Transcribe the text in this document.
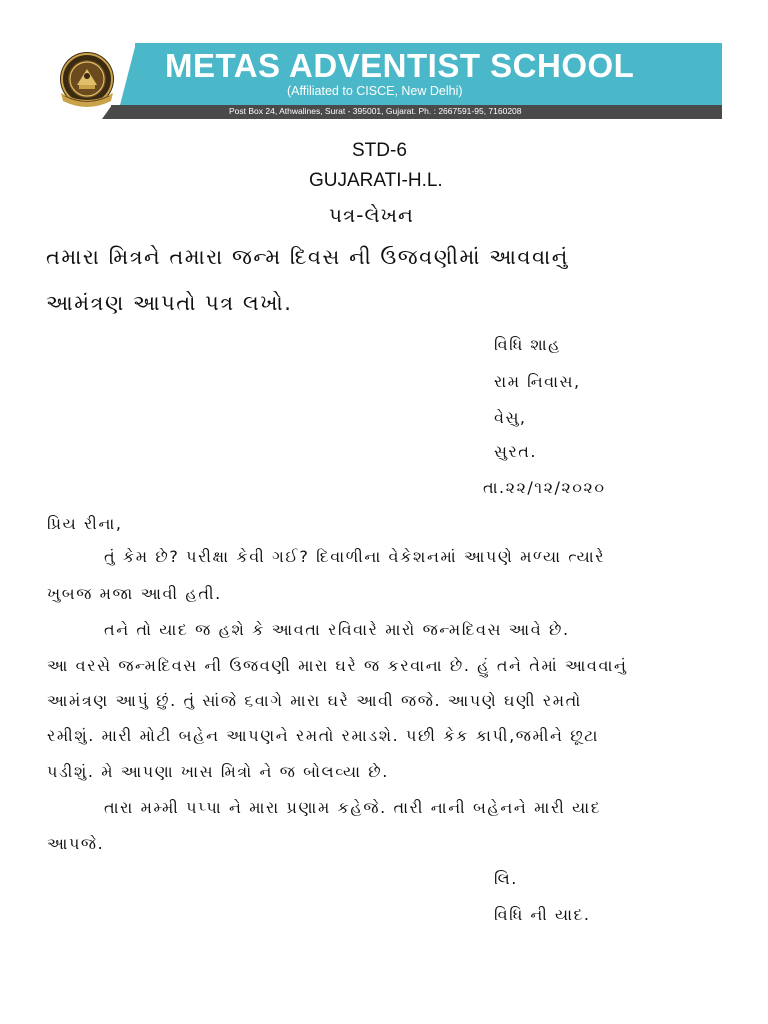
METAS ADVENTIST SCHOOL
(Affiliated to CISCE, New Delhi)
Post Box 24, Athwalines, Surat - 395001, Gujarat. Ph. : 2667591-95, 7160208
STD-6
GUJARATI-H.L.
પત્ર-લેખન
તમારા મિત્રને તમારા જન્મ દિવસ ની ઉજવણીમાં આવવાનું
આમંત્રણ આપતો પત્ર લખો.
વિધિ શાહ
રામ નિવાસ,
વેસુ,
સુરત.
તા.૨૨/૧૨/૨૦૨૦
પ્રિય રીના,
તું કેમ છે? પરીક્ષા કેવી ગઈ? દિવાળીના વેકેશનમાં આપણે મળ્યા ત્યારે
ખુબજ મજા આવી હતી.
તને તો યાદ જ હશે કે આવતા રવિવારે મારો જન્મદિવસ આવે છે.
આ વરસે જન્મદિવસ ની ઉજવણી મારા ઘરે જ કરવાના છે. હું તને તેમાં આવવાનું
આમંત્રણ આપું છું. તું સાંજે ૬વાગે મારા ઘરે આવી જજે. આપણે ઘણી રમતો
રમીશું. મારી મોટી બહેન આપણને રમતો રમાડશે. પછી કેક કાપી,જમીને છૂટા
પડીશું. મે આપણા ખાસ મિત્રો ને જ બોલવ્યા છે.
તારા મમ્મી પપ્પા ને મારા પ્રણામ કહેજે. તારી નાની બહેનને મારી યાદ
આપજે.
લિ.
વિધિ ની યાદ.
